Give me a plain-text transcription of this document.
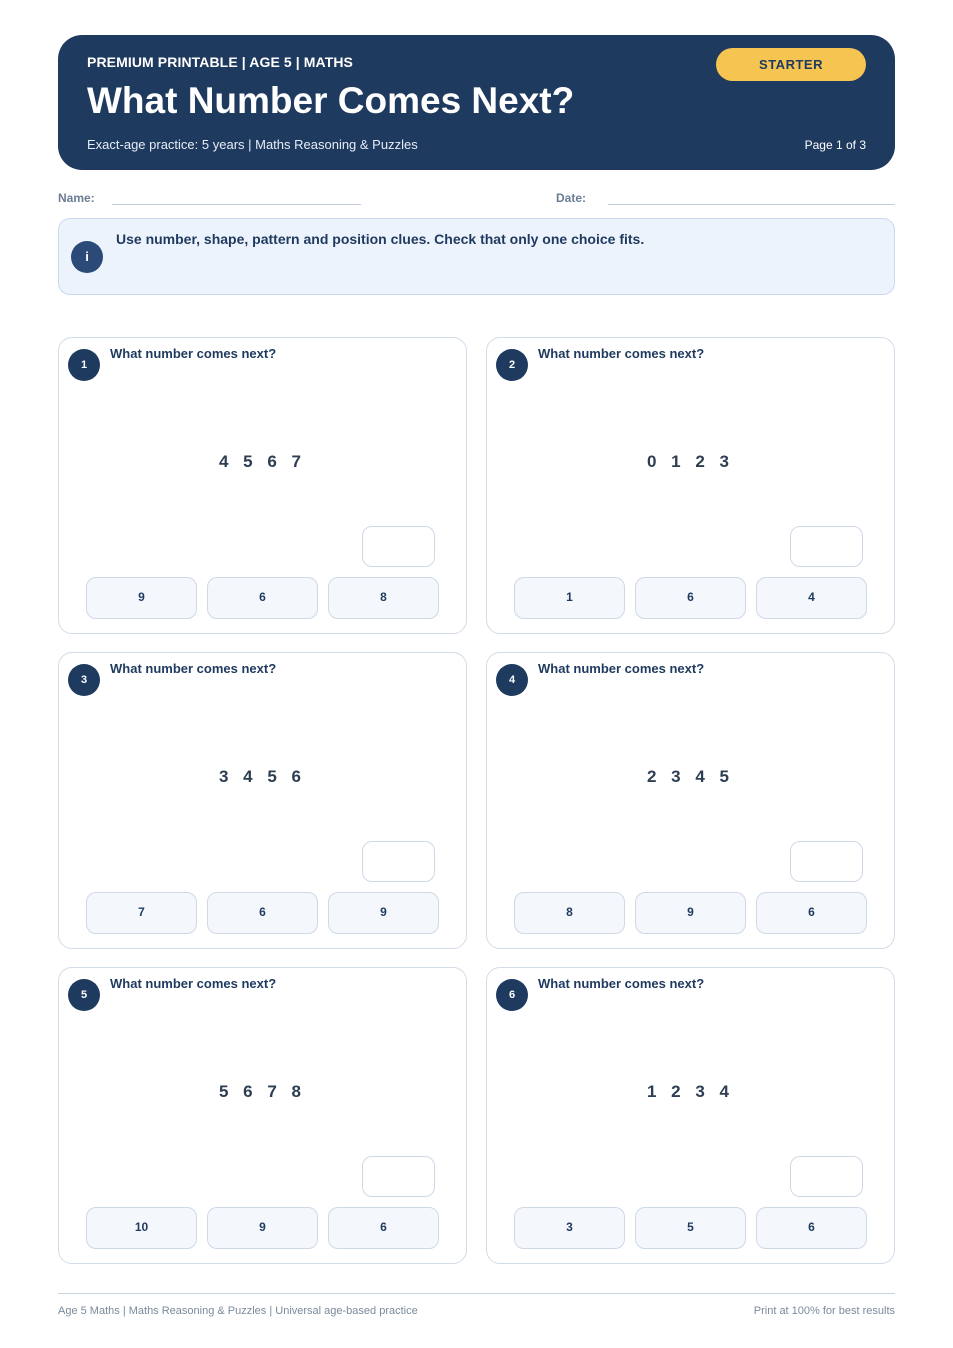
PREMIUM PRINTABLE | AGE 5 | MATHS
What Number Comes Next?
Exact-age practice: 5 years | Maths Reasoning & Puzzles
STARTER
Page 1 of 3
Name:	Date:
i
Use number, shape, pattern and position clues. Check that only one choice fits.
1
What number comes next?
4 5 6 7
9	6	8
2
What number comes next?
0 1 2 3
1	6	4
3
What number comes next?
3 4 5 6
7	6	9
4
What number comes next?
2 3 4 5
8	9	6
5
What number comes next?
5 6 7 8
10	9	6
6
What number comes next?
1 2 3 4
3	5	6
Age 5 Maths | Maths Reasoning & Puzzles | Universal age-based practice	Print at 100% for best results
